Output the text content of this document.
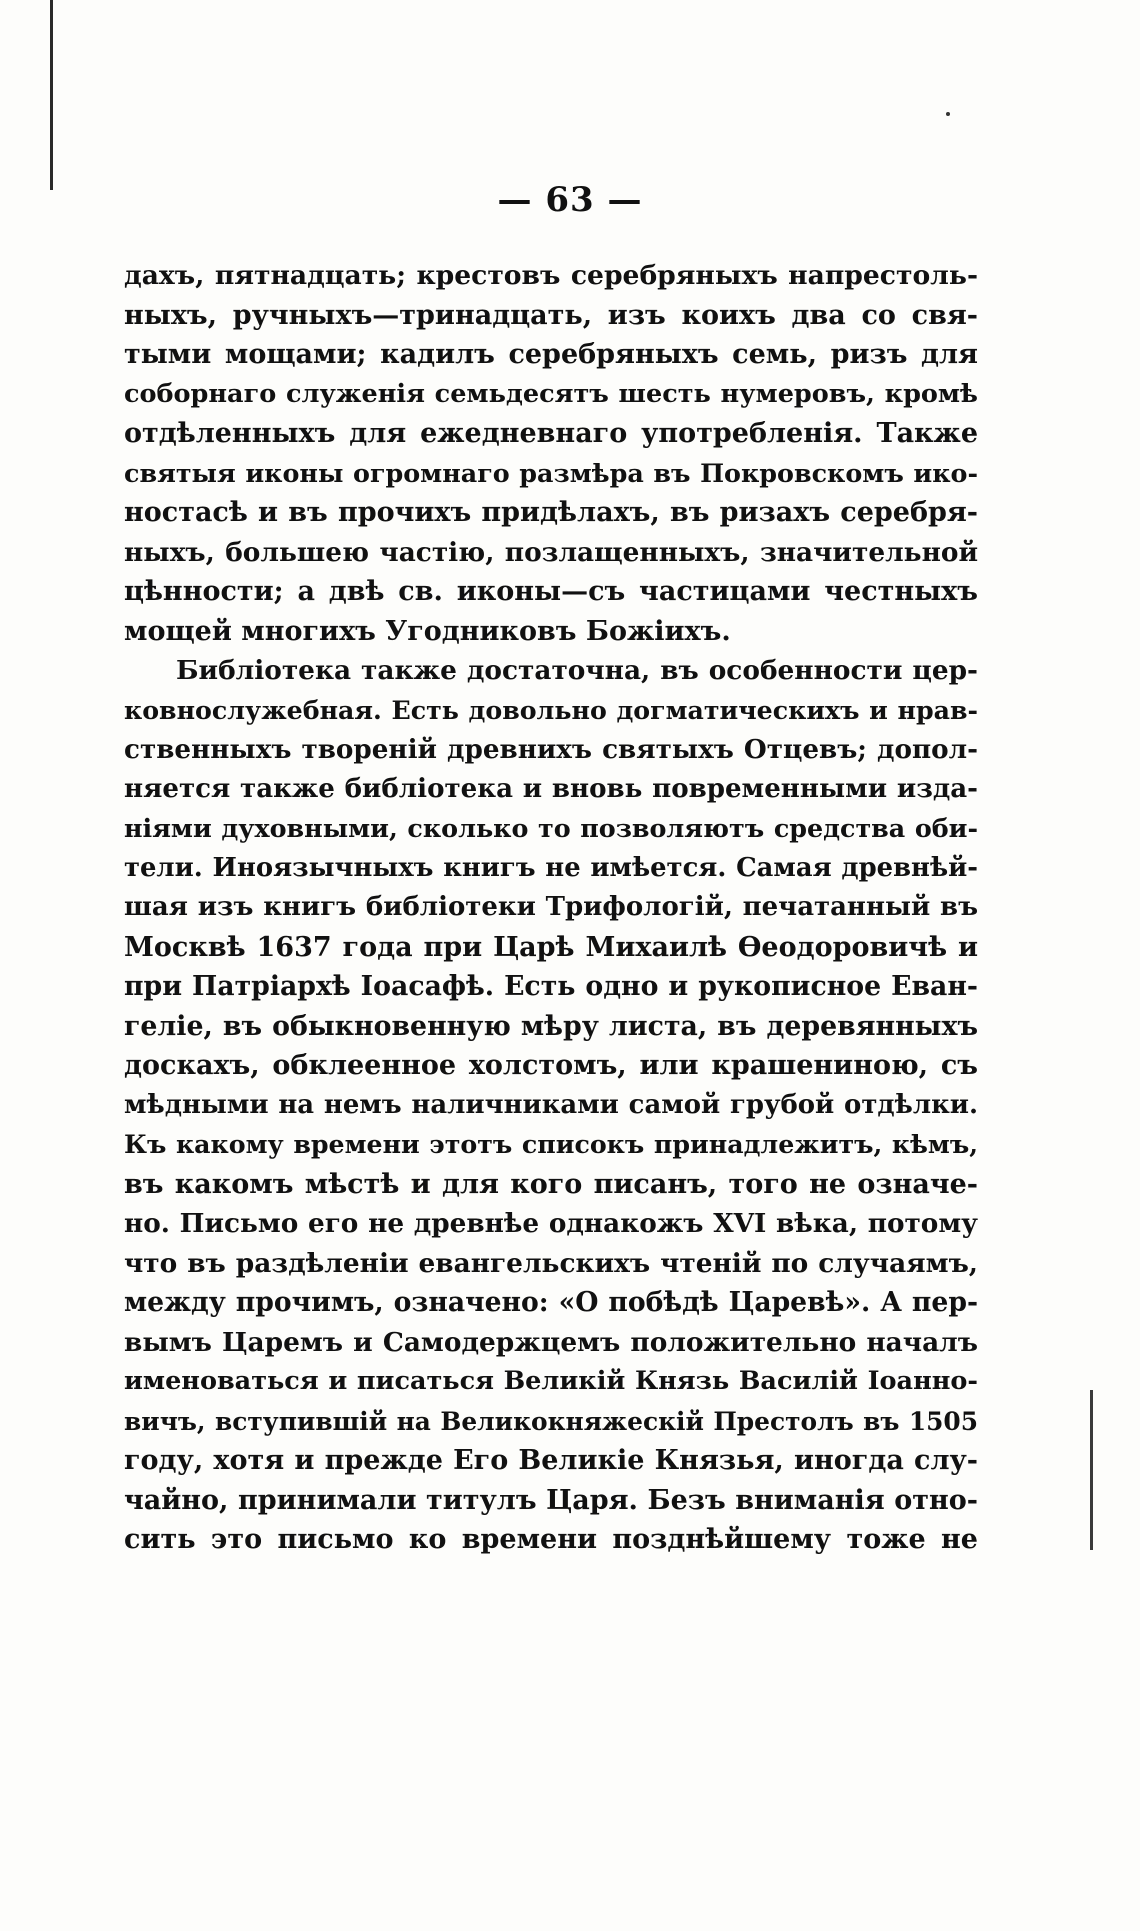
— 63 —
дахъ, пятнадцать; крестовъ серебряныхъ напрестоль-
ныхъ, ручныхъ—тринадцать, изъ коихъ два со свя-
тыми мощами; кадилъ серебряныхъ семь, ризъ для
соборнаго служенія семьдесятъ шесть нумеровъ, кромѣ
отдѣленныхъ для ежедневнаго употребленія. Также
святыя иконы огромнаго размѣра въ Покровскомъ ико-
ностасѣ и въ прочихъ придѣлахъ, въ ризахъ серебря-
ныхъ, большею частію, позлащенныхъ, значительной
цѣнности; а двѣ св. иконы—съ частицами честныхъ
мощей многихъ Угодниковъ Божіихъ.
Библіотека также достаточна, въ особенности цер-
ковнослужебная. Есть довольно догматическихъ и нрав-
ственныхъ твореній древнихъ святыхъ Отцевъ; допол-
няется также библіотека и вновь повременными изда-
ніями духовными, сколько то позволяютъ средства оби-
тели. Иноязычныхъ книгъ не имѣется. Самая древнѣй-
шая изъ книгъ библіотеки Трифологій, печатанный въ
Москвѣ 1637 года при Царѣ Михаилѣ Өеодоровичѣ и
при Патріархѣ Іоасафѣ. Есть одно и рукописное Еван-
геліе, въ обыкновенную мѣру листа, въ деревянныхъ
доскахъ, обклеенное холстомъ, или крашениною, съ
мѣдными на немъ наличниками самой грубой отдѣлки.
Къ какому времени этотъ списокъ принадлежитъ, кѣмъ,
въ какомъ мѣстѣ и для кого писанъ, того не означе-
но. Письмо его не древнѣе однакожъ XVI вѣка, потому
что въ раздѣленіи евангельскихъ чтеній по случаямъ,
между прочимъ, означено: «О побѣдѣ Царевѣ». А пер-
вымъ Царемъ и Самодержцемъ положительно началъ
именоваться и писаться Великій Князь Василій Іоанно-
вичъ, вступившій на Великокняжескій Престолъ въ 1505
году, хотя и прежде Его Великіе Князья, иногда слу-
чайно, принимали титулъ Царя. Безъ вниманія отно-
сить это письмо ко времени позднѣйшему тоже не
